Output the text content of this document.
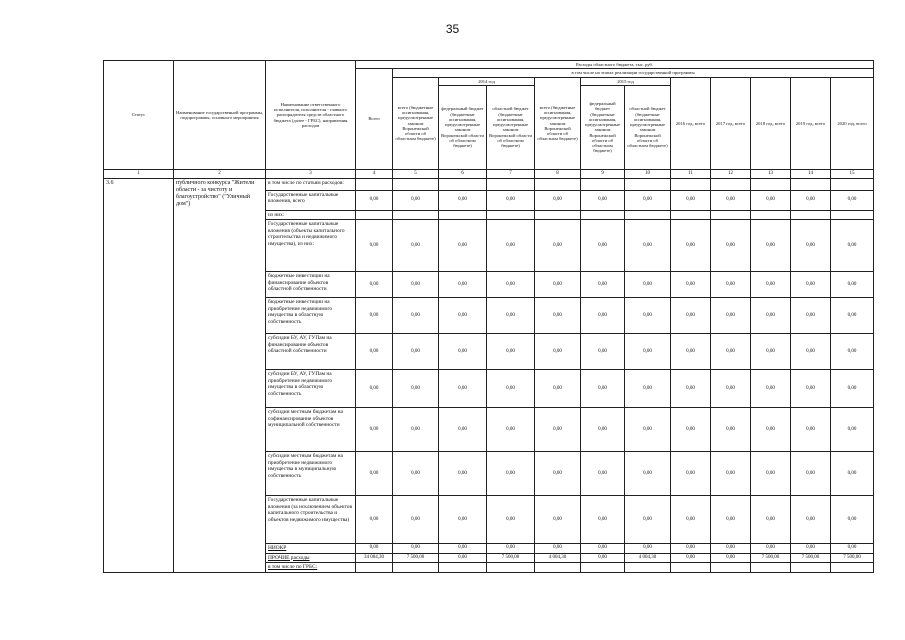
35
Статус	Наименование государственной программы, подпрограммы, основного мероприятия	Наименование ответственного исполнителя, исполнителя - главного распорядителя средств областного бюджета (далее - ГРБС), направления расходов	Расходы областного бюджета, тыс. руб.											
			Всего	в том числе на этапах реализации государственной программы										
				всего (бюджетные ассигнования, предусмотренные законом Воронежской области об областном бюджете)	2014 год		всего (бюджетные ассигнования, предусмотренные законом Воронежской области об областном бюджете)	2015 год		2016 год, всего	2017 год, всего	2018 год, всего	2019 год, всего	2020 год, всего
					федеральный бюджет (бюджетные ассигнования, предусмотренные законом Воронежской области об областном бюджете)	областной бюджет (бюджетные ассигнования, предусмотренные законом Воронежской области об областном бюджете)		федеральный бюджет (бюджетные ассигнования, предусмотренные законом Воронежской области об областном бюджете)	областной бюджет (бюджетные ассигнования, предусмотренные законом Воронежской области об областном бюджете)					
1	2	3	4	5	6	7	8	9	10	11	12	13	14	15
3.6	публичного конкурса "Жители области - за чистоту и благоустройство" ("Уличный дом")	в том числе по статьям расходов:												
		Государственные капитальные вложения, всего	0,00	0,00	0,00	0,00	0,00	0,00	0,00	0,00	0,00	0,00	0,00	0,00
		из них:												
		Государственные капитальные вложения (объекты капитального строительства и недвижимого имущества), из них:	0,00	0,00	0,00	0,00	0,00	0,00	0,00	0,00	0,00	0,00	0,00	0,00
		бюджетные инвестиции на финансирование объектов областной собственности	0,00	0,00	0,00	0,00	0,00	0,00	0,00	0,00	0,00	0,00	0,00	0,00
		бюджетные инвестиции на приобретение недвижимого имущества в областную собственность	0,00	0,00	0,00	0,00	0,00	0,00	0,00	0,00	0,00	0,00	0,00	0,00
		субсидии БУ, АУ, ГУПам на финансирование объектов областной собственности	0,00	0,00	0,00	0,00	0,00	0,00	0,00	0,00	0,00	0,00	0,00	0,00
		субсидии БУ, АУ, ГУПам на приобретение недвижимого имущества в областную собственность	0,00	0,00	0,00	0,00	0,00	0,00	0,00	0,00	0,00	0,00	0,00	0,00
		субсидии местным бюджетам на софинансирование объектов муниципальной собственности	0,00	0,00	0,00	0,00	0,00	0,00	0,00	0,00	0,00	0,00	0,00	0,00
		субсидии местным бюджетам на приобретение недвижимого имущества в муниципальную собственность	0,00	0,00	0,00	0,00	0,00	0,00	0,00	0,00	0,00	0,00	0,00	0,00
		Государственные капитальные вложения (за исключением объектов капитального строительства и объектов недвижимого имущества)	0,00	0,00	0,00	0,00	0,00	0,00	0,00	0,00	0,00	0,00	0,00	0,00
		НИОКР	0,00	0,00	0,00	0,00	0,00	0,00	0,00	0,00	0,00	0,00	0,00	0,00
		ПРОЧИЕ расходы	34 004,30	7 500,00	0,00	7 500,00	4 004,30	0,00	4 004,30	0,00	0,00	7 500,00	7 500,00	7 500,00
		в том числе по ГРБС:												
